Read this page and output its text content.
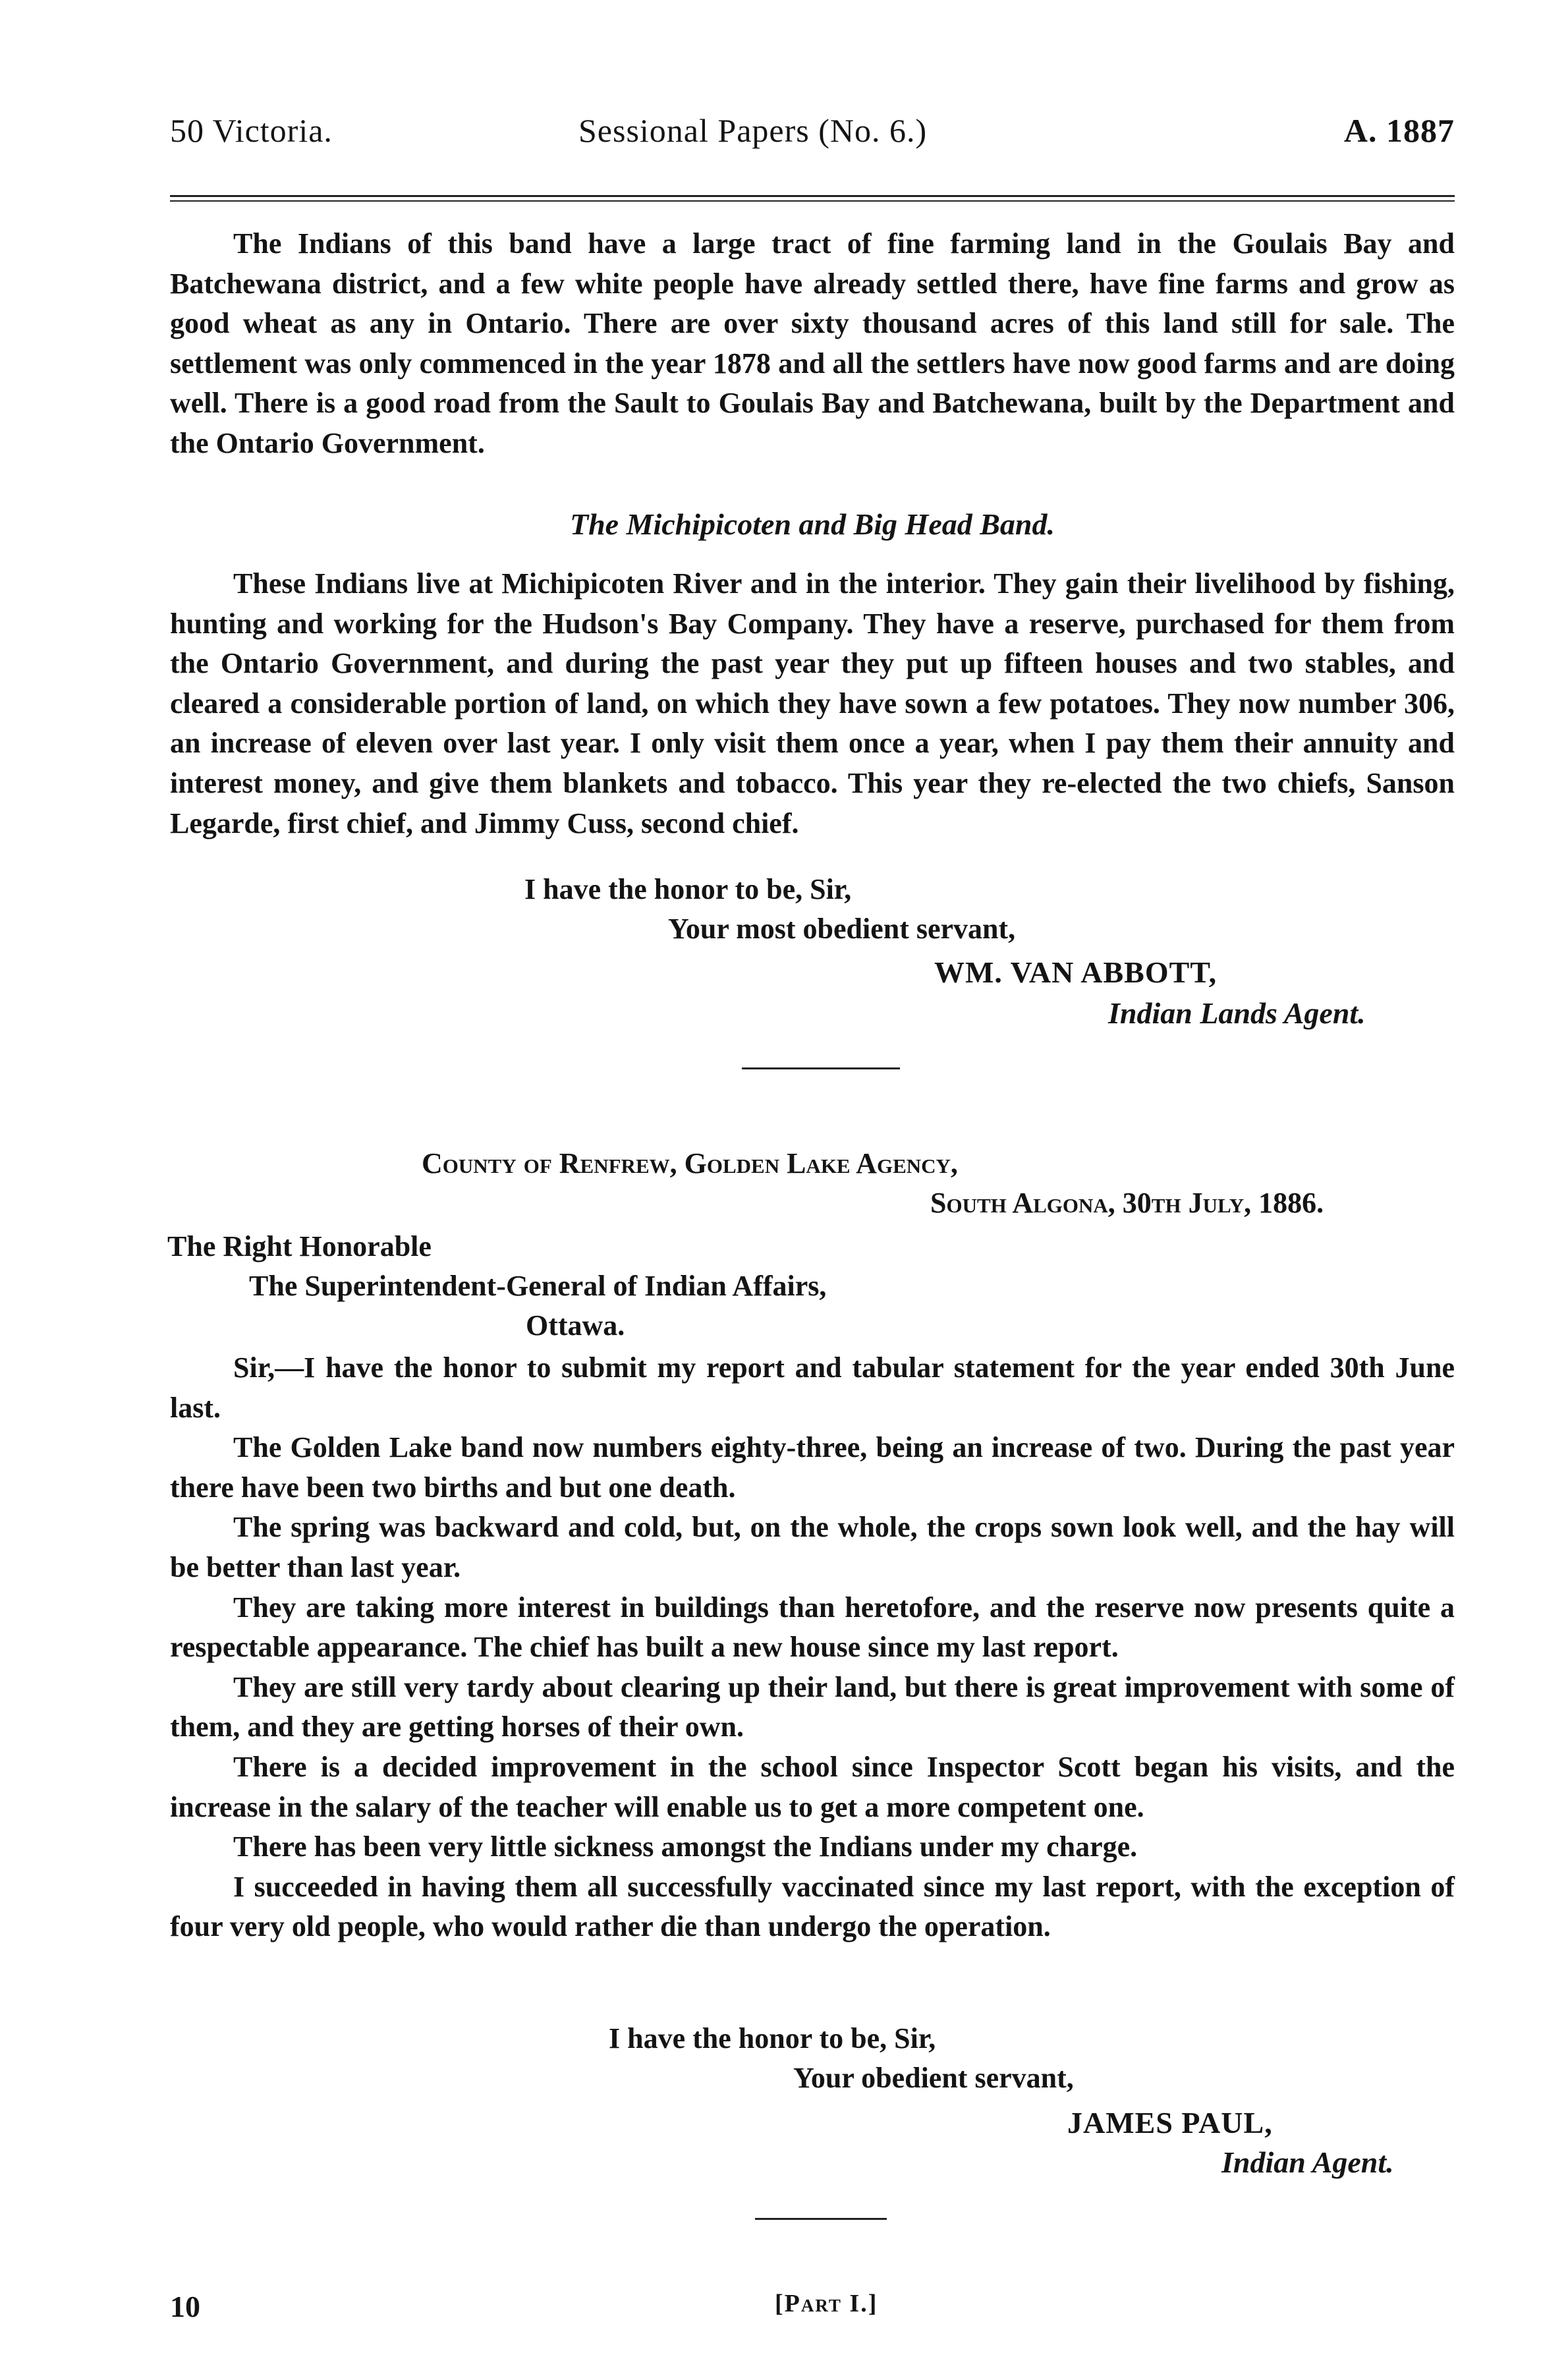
50 Victoria.	Sessional Papers (No. 6.)	A. 1887

The Indians of this band have a large tract of fine farming land in the Goulais Bay and Batchewana district, and a few white people have already settled there, have fine farms and grow as good wheat as any in Ontario. There are over sixty thousand acres of this land still for sale. The settlement was only commenced in the year 1878 and all the settlers have now good farms and are doing well. There is a good road from the Sault to Goulais Bay and Batchewana, built by the Department and the Ontario Government.

The Michipicoten and Big Head Band.

These Indians live at Michipicoten River and in the interior. They gain their livelihood by fishing, hunting and working for the Hudson's Bay Company. They have a reserve, purchased for them from the Ontario Government, and during the past year they put up fifteen houses and two stables, and cleared a considerable portion of land, on which they have sown a few potatoes. They now number 306, an increase of eleven over last year. I only visit them once a year, when I pay them their annuity and interest money, and give them blankets and tobacco. This year they re-elected the two chiefs, Sanson Legarde, first chief, and Jimmy Cuss, second chief.

I have the honor to be, Sir,
Your most obedient servant,
WM. VAN ABBOTT,
Indian Lands Agent.
County of Renfrew, Golden Lake Agency,
South Algona, 30th July, 1886.
The Right Honorable
The Superintendent-General of Indian Affairs,
Ottawa.

Sir,—I have the honor to submit my report and tabular statement for the year ended 30th June last.

The Golden Lake band now numbers eighty-three, being an increase of two. During the past year there have been two births and but one death.

The spring was backward and cold, but, on the whole, the crops sown look well, and the hay will be better than last year.

They are taking more interest in buildings than heretofore, and the reserve now presents quite a respectable appearance. The chief has built a new house since my last report.

They are still very tardy about clearing up their land, but there is great improvement with some of them, and they are getting horses of their own.

There is a decided improvement in the school since Inspector Scott began his visits, and the increase in the salary of the teacher will enable us to get a more competent one.

There has been very little sickness amongst the Indians under my charge.

I succeeded in having them all successfully vaccinated since my last report, with the exception of four very old people, who would rather die than undergo the operation.

I have the honor to be, Sir,
Your obedient servant,
JAMES PAUL,
Indian Agent.
10	[Part I.]
